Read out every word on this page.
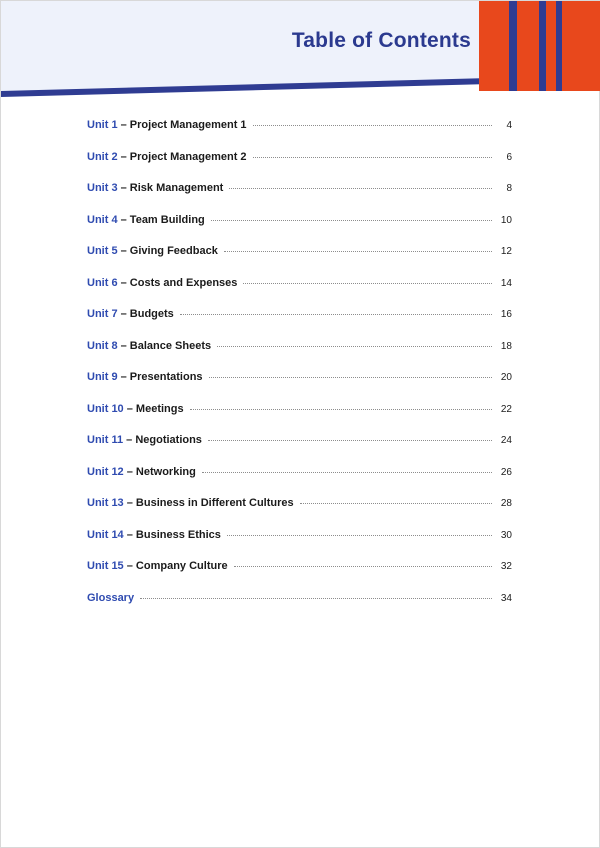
Table of Contents
Unit 1 – Project Management 1	4
Unit 2 – Project Management 2	6
Unit 3 – Risk Management	8
Unit 4 – Team Building	10
Unit 5 – Giving Feedback	12
Unit 6 – Costs and Expenses	14
Unit 7 – Budgets	16
Unit 8 – Balance Sheets	18
Unit 9 – Presentations	20
Unit 10 – Meetings	22
Unit 11 – Negotiations	24
Unit 12 – Networking	26
Unit 13 – Business in Different Cultures	28
Unit 14 – Business Ethics	30
Unit 15 – Company Culture	32
Glossary	34
